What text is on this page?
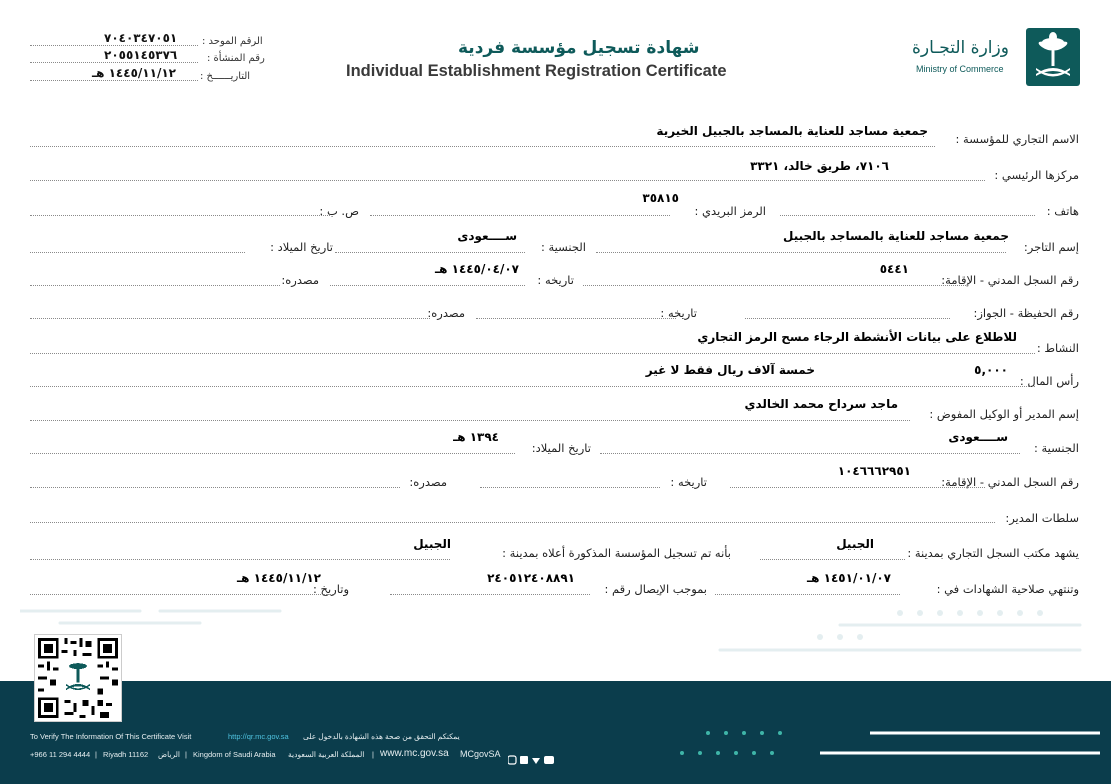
الرقم الموحد :
٧٠٤٠٣٤٧٠٥١
رقم المنشأة :
٢٠٥٥١٤٥٣٧٦
التاريــــــخ :
١٤٤٥/١١/١٢ هـ
شهادة تسجيل مؤسسة فردية
Individual Establishment Registration Certificate
وزارة التجـارة
Ministry of Commerce
الاسم التجاري للمؤسسة :
جمعية مساجد للعناية بالمساجد بالجبيل الخيرية
مركزها الرئيسي :
٧١٠٦، طريق خالد، ٣٣٢١
هاتف :
الرمز البريدي :
٣٥٨١٥
ص. ب :
إسم التاجر:
جمعية مساجد للعناية بالمساجد بالجبيل
الجنسية :
ســــعودى
تاريخ الميلاد :
رقم السجل المدني - الإقامة:
٥٤٤١
تاريخه :
١٤٤٥/٠٤/٠٧ هـ
مصدره:
رقم الحفيظة - الجواز:
تاريخه :
مصدره:
النشاط :
للاطلاع على بيانات الأنشطة الرجاء مسح الرمز التجاري
رأس المال :
٥,٠٠٠
خمسة آلاف ريال فقط لا غير
إسم المدير أو الوكيل المفوض :
ماجد سرداح محمد الخالدي
الجنسية :
ســــعودى
تاريخ الميلاد:
١٣٩٤ هـ
رقم السجل المدني - الإقامة:
١٠٤٦٦٦٢٩٥١
تاريخه :
مصدره:
سلطات المدير:
يشهد مكتب السجل التجاري بمدينة :
الجبيل
بأنه تم تسجيل المؤسسة المذكورة أعلاه بمدينة :
الجبيل
وتنتهي صلاحية الشهادات في :
١٤٥١/٠١/٠٧ هـ
بموجب الإيصال رقم :
٢٤٠٥١٢٤٠٨٨٩١
وتاريخ :
١٤٤٥/١١/١٢ هـ
To Verify The Information Of This Certificate Visit	http://qr.mc.gov.sa يمكنكم التحقق من صحة هذه الشهادة بالدخول على
+966 11 294 4444 | Riyadh 11162 الرياض | Kingdom of Saudi Arabia المملكة العربية السعودية | www.mc.gov.sa MCgovSA
